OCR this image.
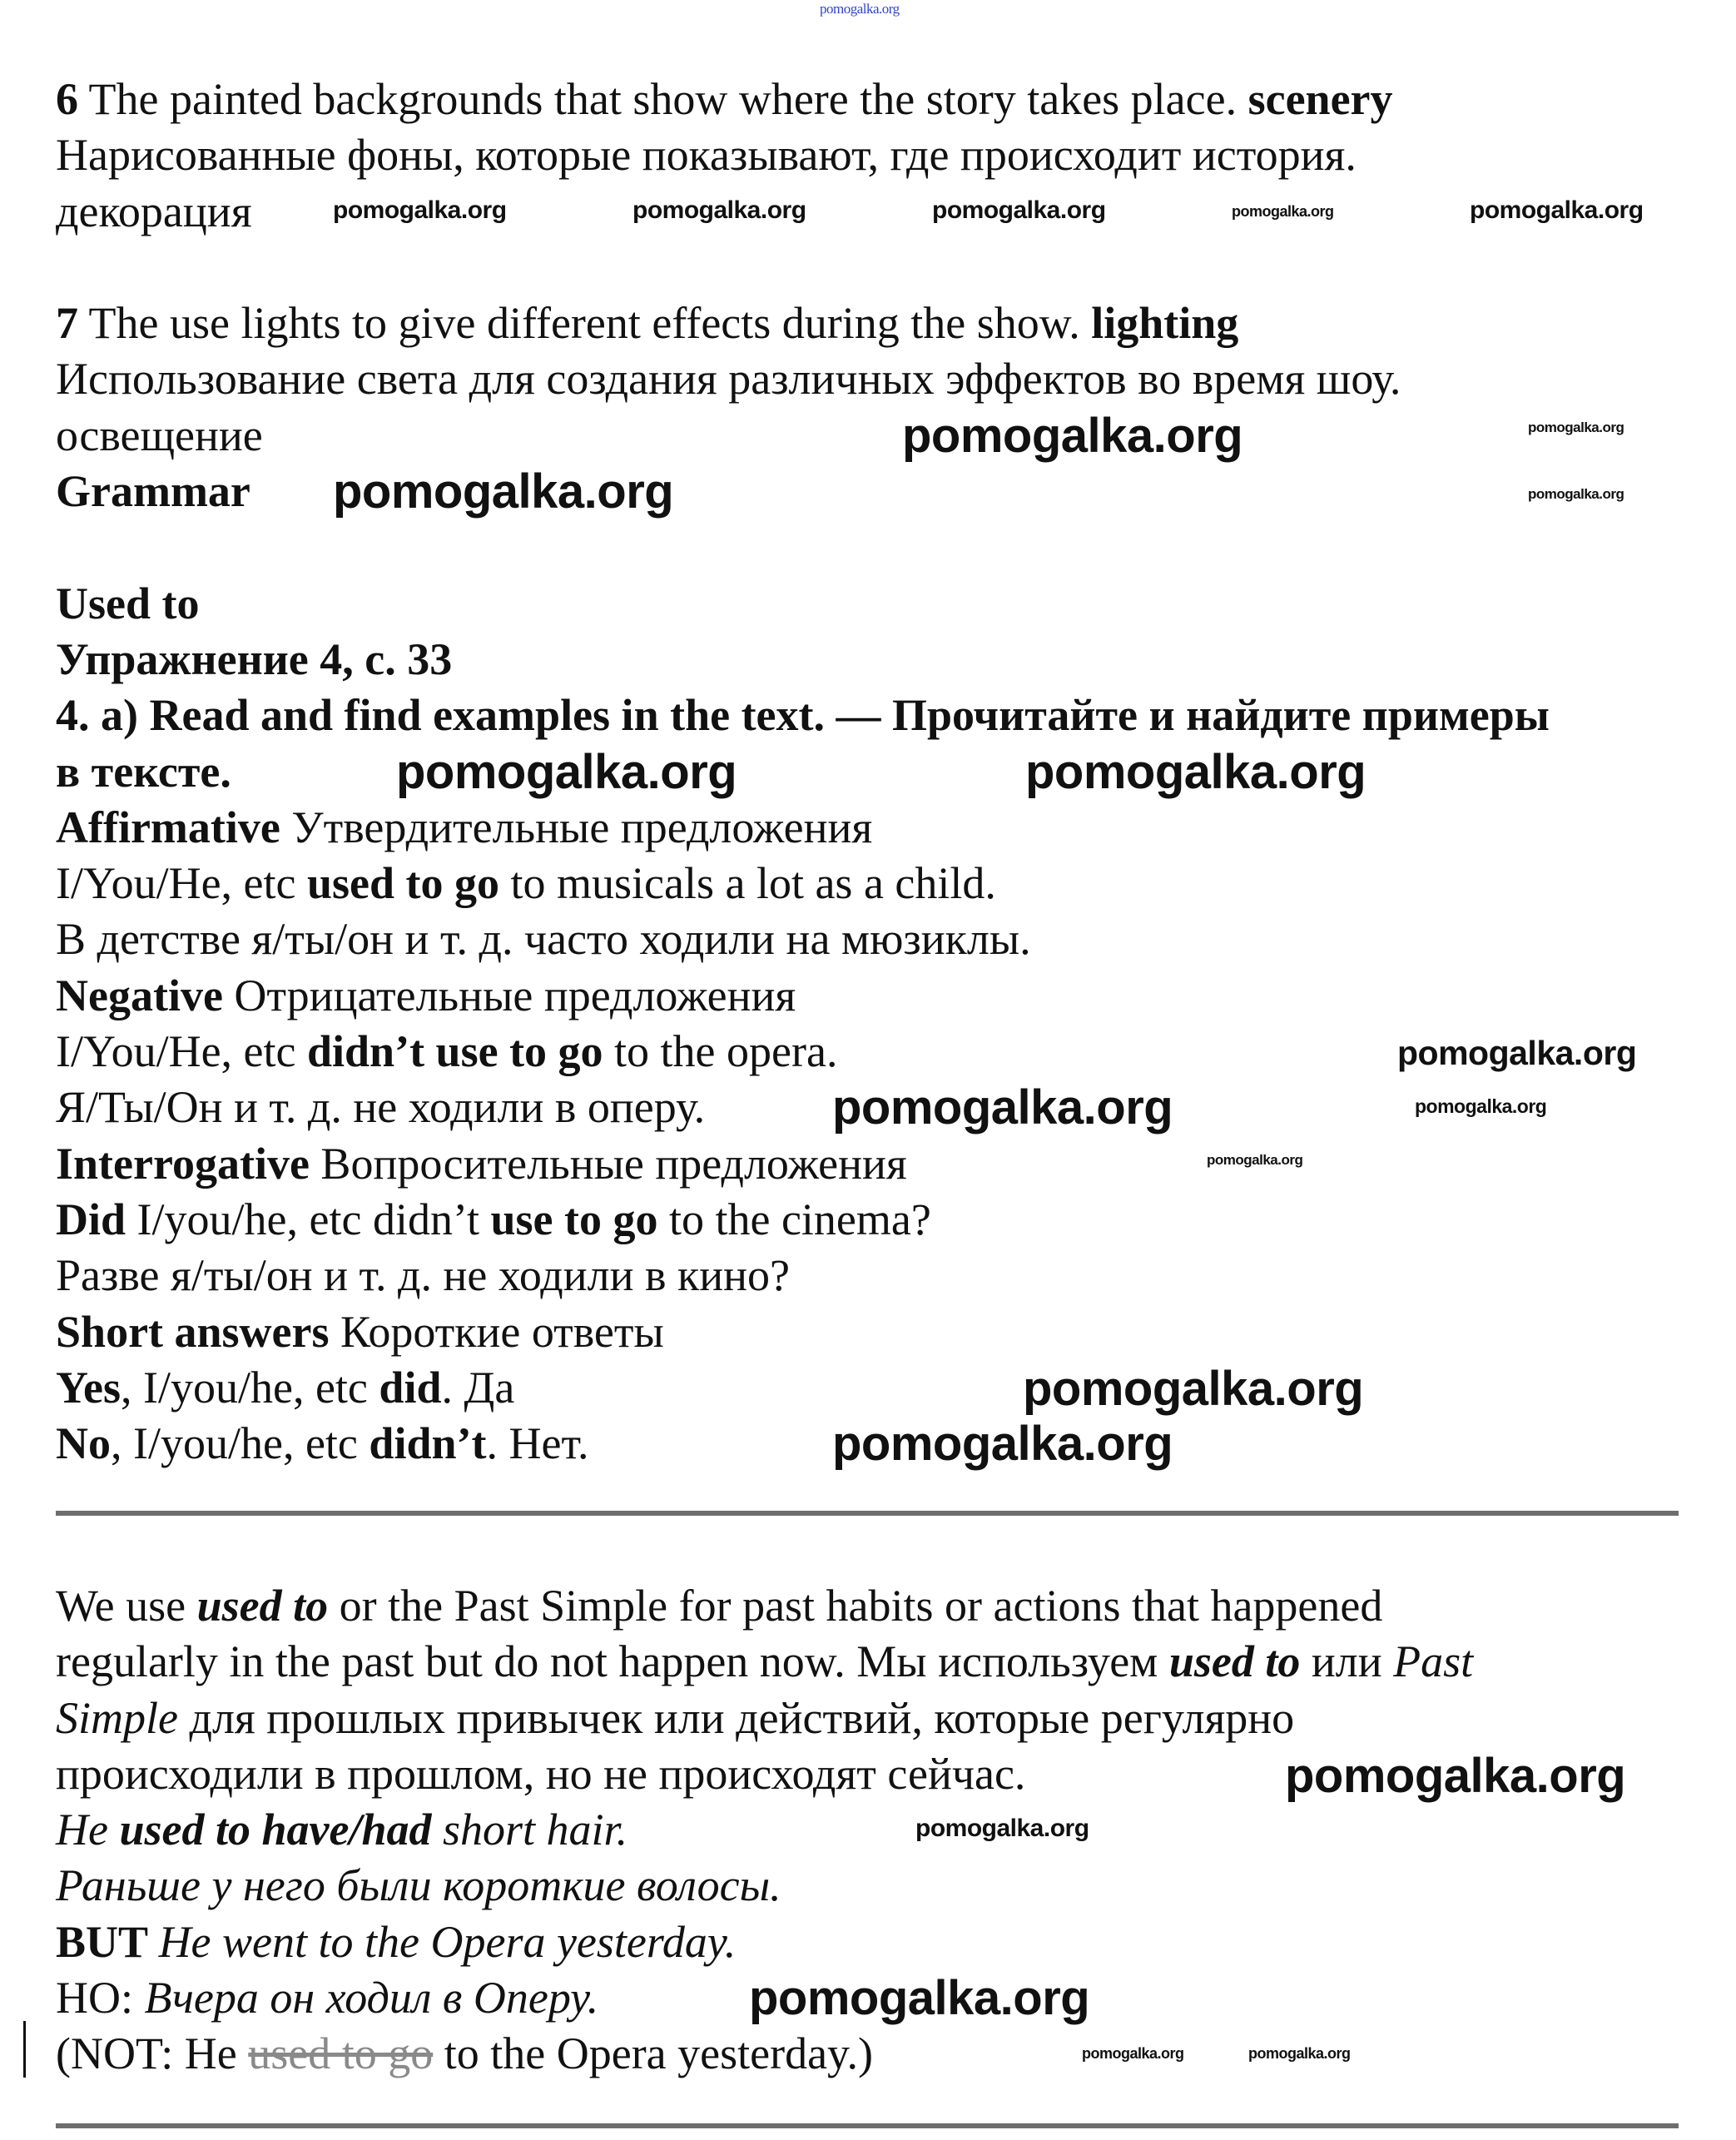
6 The painted backgrounds that show where the story takes place. scenery
Нарисованные фоны, которые показывают, где происходит история.
декорация
7 The use lights to give different effects during the show. lighting
Использование света для создания различных эффектов во время шоу.
освещение
Grammar
Used to
Упражнение 4, с. 33
4. a) Read and find examples in the text. — Прочитайте и найдите примеры
в тексте.
Affirmative Утвердительные предложения
I/You/He, etc used to go to musicals a lot as a child.
В детстве я/ты/он и т. д. часто ходили на мюзиклы.
Negative Отрицательные предложения
I/You/He, etc didn’t use to go to the opera.
Я/Ты/Он и т. д. не ходили в оперу.
Interrogative Вопросительные предложения
Did I/you/he, etc didn’t use to go to the cinema?
Разве я/ты/он и т. д. не ходили в кино?
Short answers Короткие ответы
Yes, I/you/he, etc did. Да
No, I/you/he, etc didn’t. Нет.
We use used to or the Past Simple for past habits or actions that happened
regularly in the past but do not happen now. Мы используем used to или Past
Simple для прошлых привычек или действий, которые регулярно
происходили в прошлом, но не происходят сейчас.
He used to have/had short hair.
Раньше у него были короткие волосы.
BUT He went to the Opera yesterday.
НО: Вчера он ходил в Оперу.
(NOT: He used to go to the Opera yesterday.)
pomogalka.org
pomogalka.org	pomogalka.org	pomogalka.org	pomogalka.org	pomogalka.org
pomogalka.org
pomogalka.org
pomogalka.org
pomogalka.org
pomogalka.org
pomogalka.org
pomogalka.org
pomogalka.org	pomogalka.org
pomogalka.org
pomogalka.org
pomogalka.org
pomogalka.org
pomogalka.org
pomogalka.org
pomogalka.org	pomogalka.org
